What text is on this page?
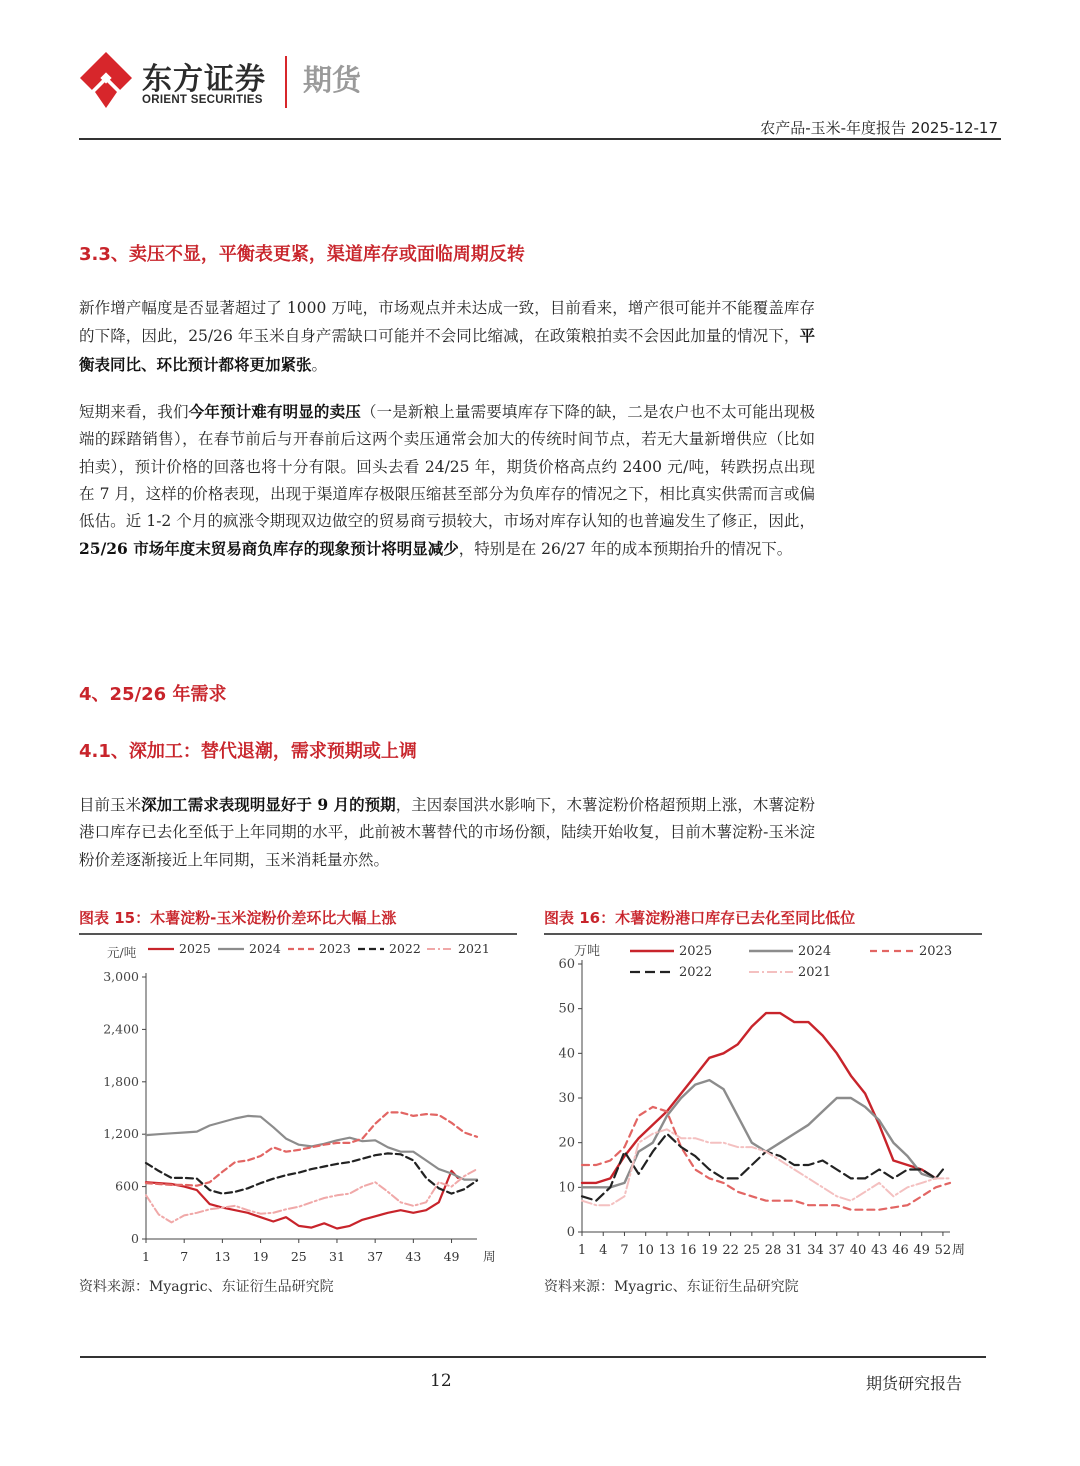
东方证券
ORIENT SECURITIES
期货
农产品-玉米-年度报告 2025-12-17
3.3、卖压不显，平衡表更紧，渠道库存或面临周期反转

新作增产幅度是否显著超过了 1000 万吨，市场观点并未达成一致，目前看来，增产很可能并不能覆盖库存的下降，因此，25/26 年玉米自身产需缺口可能并不会同比缩减，在政策粮拍卖不会因此加量的情况下，平衡表同比、环比预计都将更加紧张。

短期来看，我们今年预计难有明显的卖压（一是新粮上量需要填库存下降的缺，二是农户也不太可能出现极端的踩踏销售），在春节前后与开春前后这两个卖压通常会加大的传统时间节点，若无大量新增供应（比如拍卖），预计价格的回落也将十分有限。回头去看 24/25 年，期货价格高点约 2400 元/吨，转跌拐点出现在 7 月，这样的价格表现，出现于渠道库存极限压缩甚至部分为负库存的情况之下，相比真实供需而言或偏低估。近 1-2 个月的疯涨令期现双边做空的贸易商亏损较大，市场对库存认知的也普遍发生了修正，因此，25/26 市场年度末贸易商负库存的现象预计将明显减少，特别是在 26/27 年的成本预期抬升的情况下。

4、25/26 年需求
4.1、深加工：替代退潮，需求预期或上调

目前玉米深加工需求表现明显好于 9 月的预期，主因泰国洪水影响下，木薯淀粉价格超预期上涨，木薯淀粉港口库存已去化至低于上年同期的水平，此前被木薯替代的市场份额，陆续开始收复，目前木薯淀粉-玉米淀粉价差逐渐接近上年同期，玉米消耗量亦然。

图表 15：木薯淀粉-玉米淀粉价差环比大幅上涨
0
600
1,200
1,800
2,400
3,000
1 7 13 19 25 31 37 43 49
元/吨
周
2025	2024	2023	2022	2021
资料来源：Myagric、东证衍生品研究院
图表 16：木薯淀粉港口库存已去化至同比低位
0
10
20
30
40
50
60
1 4 7 10 13 16 19 22 25 28 31 34 37 40 43 46 49 52
万吨
周
2025	2024	2023
2022	2021
资料来源：Myagric、东证衍生品研究院
12	期货研究报告
